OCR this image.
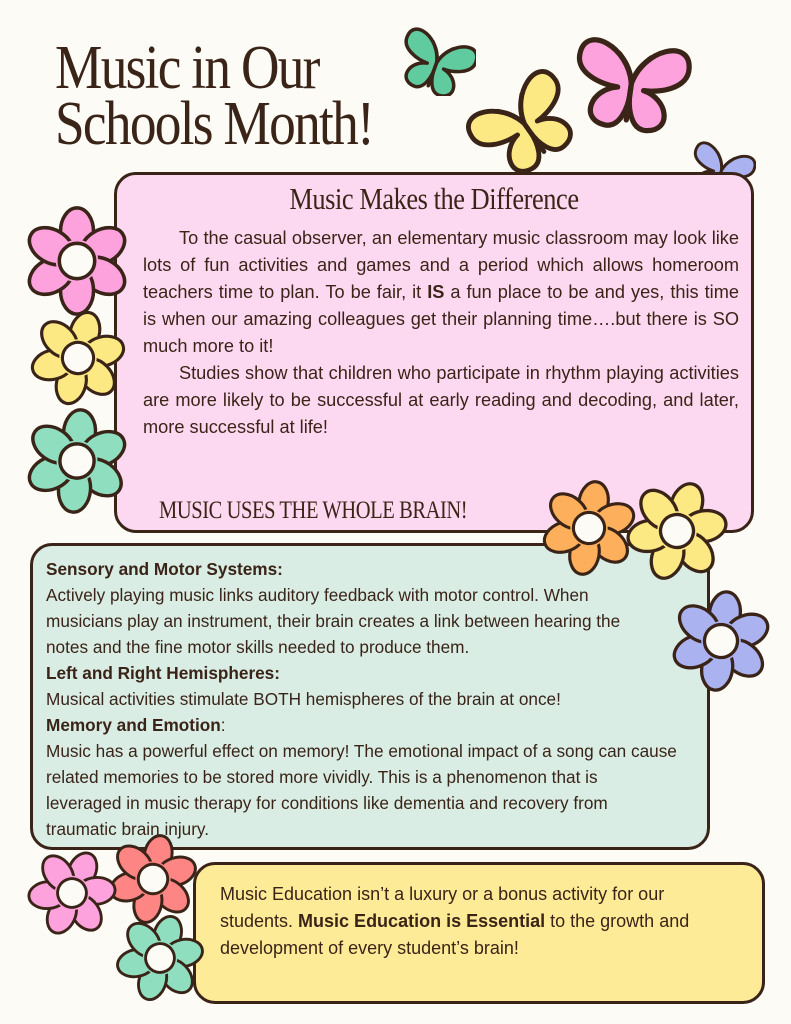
Music in Our
Schools Month!
Music Makes the Difference

To the casual observer, an elementary music classroom may look like lots of fun activities and games and a period which allows homeroom teachers time to plan. To be fair, it IS a fun place to be and yes, this time is when our amazing colleagues get their planning time….but there is SO much more to it!

Studies show that children who participate in rhythm playing activities are more likely to be successful at early reading and decoding, and later, more successful at life!

MUSIC USES THE WHOLE BRAIN!
Sensory and Motor Systems:
Actively playing music links auditory feedback with motor control. When musicians play an instrument, their brain creates a link between hearing the notes and the fine motor skills needed to produce them.
Left and Right Hemispheres:
Musical activities stimulate BOTH hemispheres of the brain at once!
Memory and Emotion:
Music has a powerful effect on memory! The emotional impact of a song can cause related memories to be stored more vividly. This is a phenomenon that is leveraged in music therapy for conditions like dementia and recovery from traumatic brain injury.
Music Education isn’t a luxury or a bonus activity for our students. Music Education is Essential to the growth and development of every student’s brain!
